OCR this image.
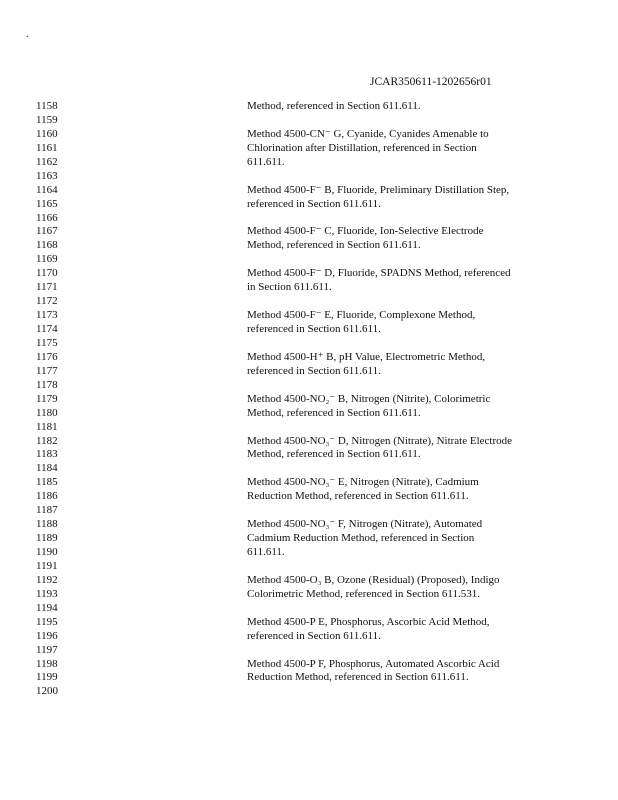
.
JCAR350611-1202656r01
1158	Method, referenced in Section 611.611.
1159
1160	Method 4500-CN⁻ G, Cyanide, Cyanides Amenable to
1161	Chlorination after Distillation, referenced in Section
1162	611.611.
1163
1164	Method 4500-F⁻ B, Fluoride, Preliminary Distillation Step,
1165	referenced in Section 611.611.
1166
1167	Method 4500-F⁻ C, Fluoride, Ion-Selective Electrode
1168	Method, referenced in Section 611.611.
1169
1170	Method 4500-F⁻ D, Fluoride, SPADNS Method, referenced
1171	in Section 611.611.
1172
1173	Method 4500-F⁻ E, Fluoride, Complexone Method,
1174	referenced in Section 611.611.
1175
1176	Method 4500-H⁺ B, pH Value, Electrometric Method,
1177	referenced in Section 611.611.
1178
1179	Method 4500-NO₂⁻ B, Nitrogen (Nitrite), Colorimetric
1180	Method, referenced in Section 611.611.
1181
1182	Method 4500-NO₃⁻ D, Nitrogen (Nitrate), Nitrate Electrode
1183	Method, referenced in Section 611.611.
1184
1185	Method 4500-NO₃⁻ E, Nitrogen (Nitrate), Cadmium
1186	Reduction Method, referenced in Section 611.611.
1187
1188	Method 4500-NO₃⁻ F, Nitrogen (Nitrate), Automated
1189	Cadmium Reduction Method, referenced in Section
1190	611.611.
1191
1192	Method 4500-O₃ B, Ozone (Residual) (Proposed), Indigo
1193	Colorimetric Method, referenced in Section 611.531.
1194
1195	Method 4500-P E, Phosphorus, Ascorbic Acid Method,
1196	referenced in Section 611.611.
1197
1198	Method 4500-P F, Phosphorus, Automated Ascorbic Acid
1199	Reduction Method, referenced in Section 611.611.
1200
